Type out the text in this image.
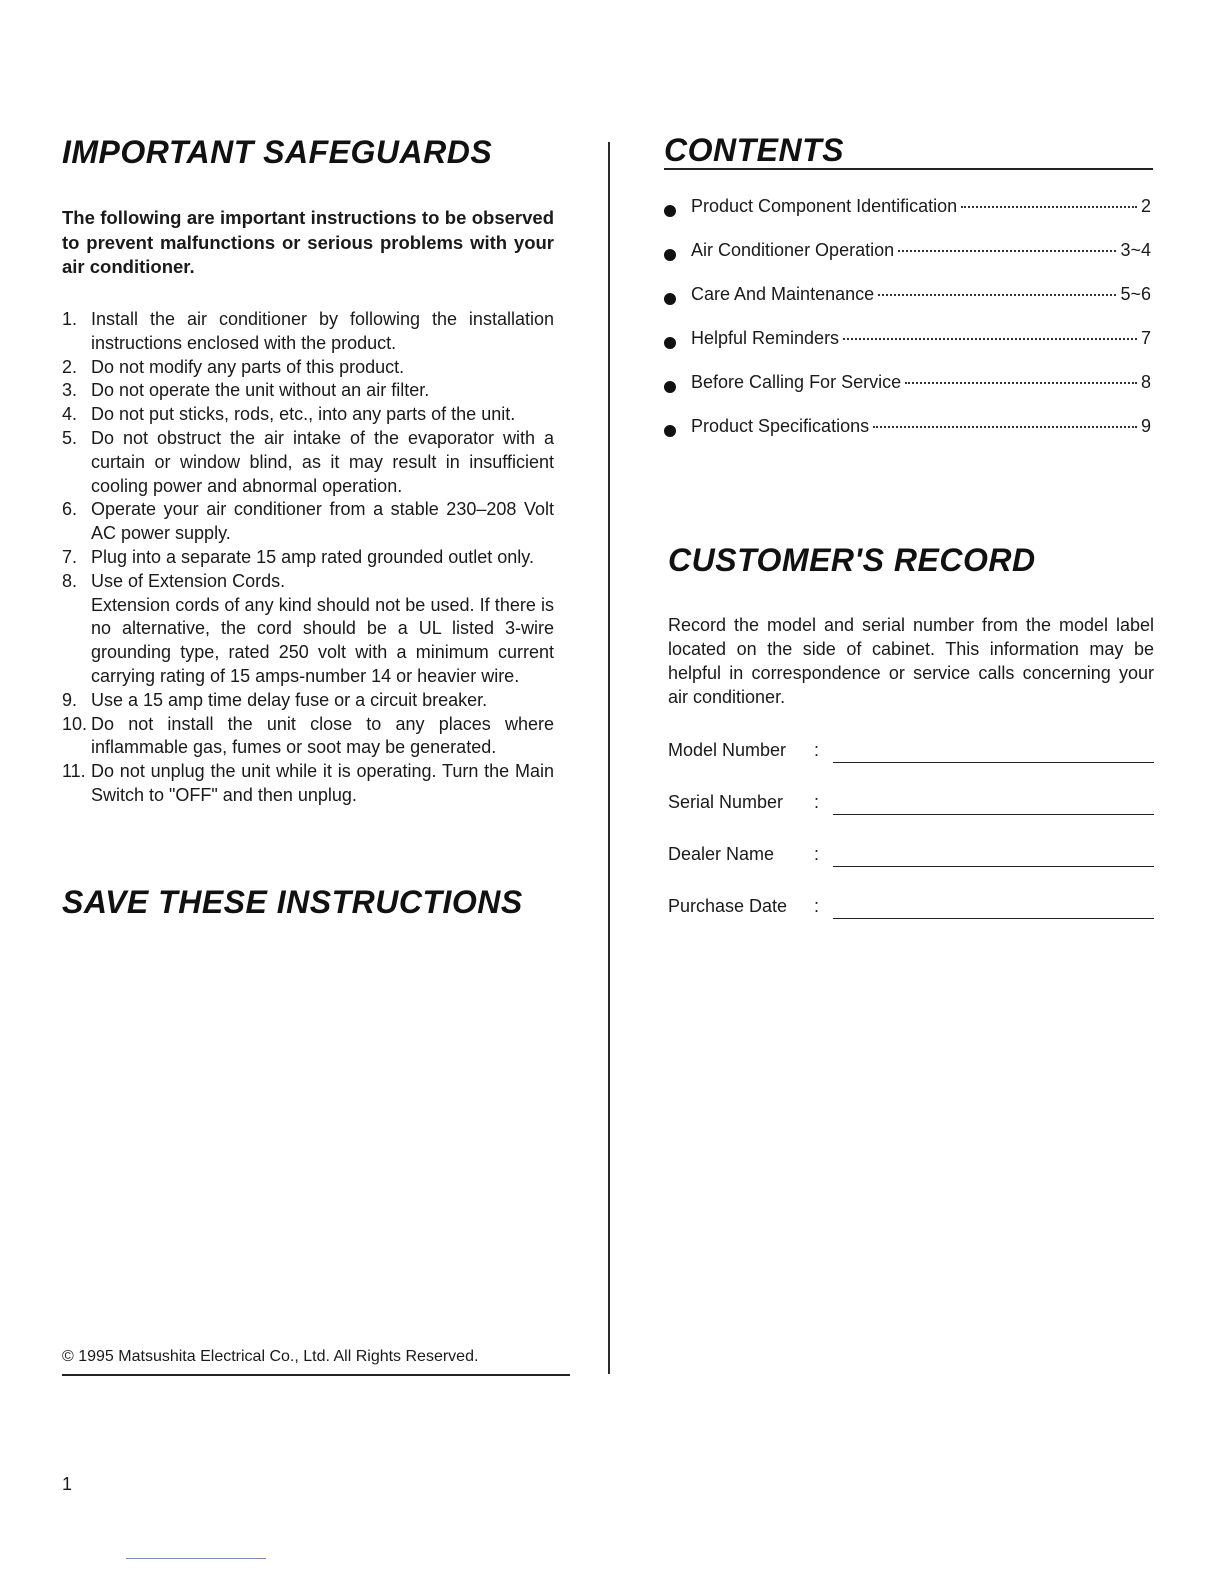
IMPORTANT SAFEGUARDS

The following are important instructions to be observed to prevent malfunctions or serious problems with your air conditioner.

1. Install the air conditioner by following the installation instructions enclosed with the product.
2. Do not modify any parts of this product.
3. Do not operate the unit without an air filter.
4. Do not put sticks, rods, etc., into any parts of the unit.
5. Do not obstruct the air intake of the evaporator with a curtain or window blind, as it may result in insufficient cooling power and abnormal operation.
6. Operate your air conditioner from a stable 230–208 Volt AC power supply.
7. Plug into a separate 15 amp rated grounded outlet only.
8. Use of Extension Cords.
Extension cords of any kind should not be used. If there is no alternative, the cord should be a UL listed 3-wire grounding type, rated 250 volt with a minimum current carrying rating of 15 amps-number 14 or heavier wire.
9. Use a 15 amp time delay fuse or a circuit breaker.
10. Do not install the unit close to any places where inflammable gas, fumes or soot may be generated.
11. Do not unplug the unit while it is operating. Turn the Main Switch to "OFF" and then unplug.
SAVE THESE INSTRUCTIONS
© 1995 Matsushita Electrical Co., Ltd. All Rights Reserved.
1
CONTENTS
Product Component Identification	2
Air Conditioner Operation	3~4
Care And Maintenance	5~6
Helpful Reminders	7
Before Calling For Service	8
Product Specifications	9
CUSTOMER'S RECORD

Record the model and serial number from the model label located on the side of cabinet. This information may be helpful in correspondence or service calls concerning your air conditioner.

Model Number :
Serial Number :
Dealer Name :
Purchase Date :
